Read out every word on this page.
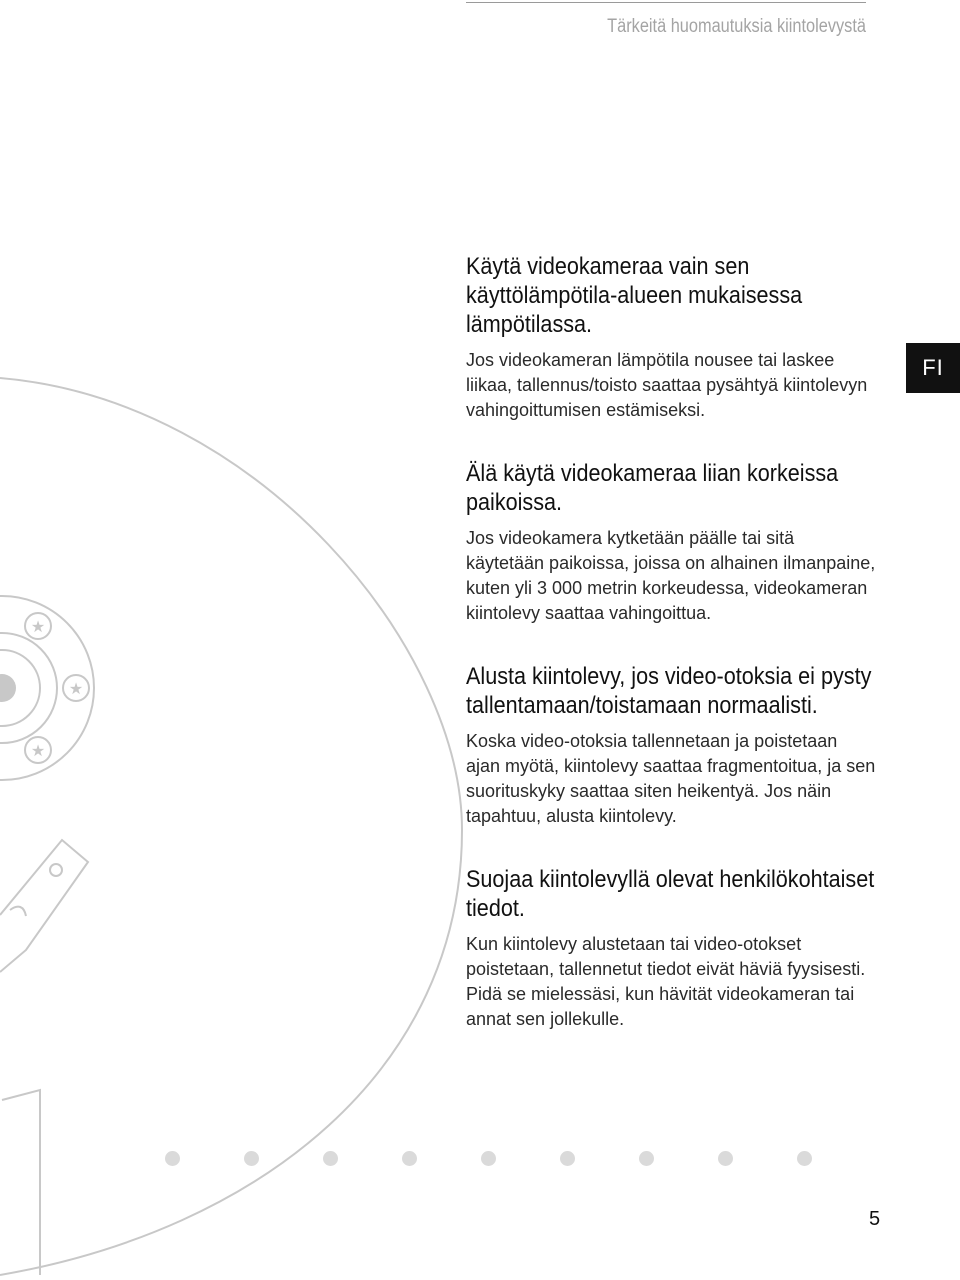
Tärkeitä huomautuksia kiintolevystä
FI
★
★
★
Käytä videokameraa vain sen käyttölämpötila-alueen mukaisessa lämpötilassa.

Jos videokameran lämpötila nousee tai laskee liikaa, tallennus/toisto saattaa pysähtyä kiintolevyn vahingoittumisen estämiseksi.

Älä käytä videokameraa liian korkeissa paikoissa.

Jos videokamera kytketään päälle tai sitä käytetään paikoissa, joissa on alhainen ilmanpaine, kuten yli 3 000 metrin korkeudessa, videokameran kiintolevy saattaa vahingoittua.

Alusta kiintolevy, jos video-otoksia ei pysty tallentamaan/toistamaan normaalisti.

Koska video-otoksia tallennetaan ja poistetaan ajan myötä, kiintolevy saattaa fragmentoitua, ja sen suorituskyky saattaa siten heikentyä. Jos näin tapahtuu, alusta kiintolevy.

Suojaa kiintolevyllä olevat henkilökohtaiset tiedot.

Kun kiintolevy alustetaan tai video-otokset poistetaan, tallennetut tiedot eivät häviä fyysisesti. Pidä se mielessäsi, kun hävität videokameran tai annat sen jollekulle.

5
